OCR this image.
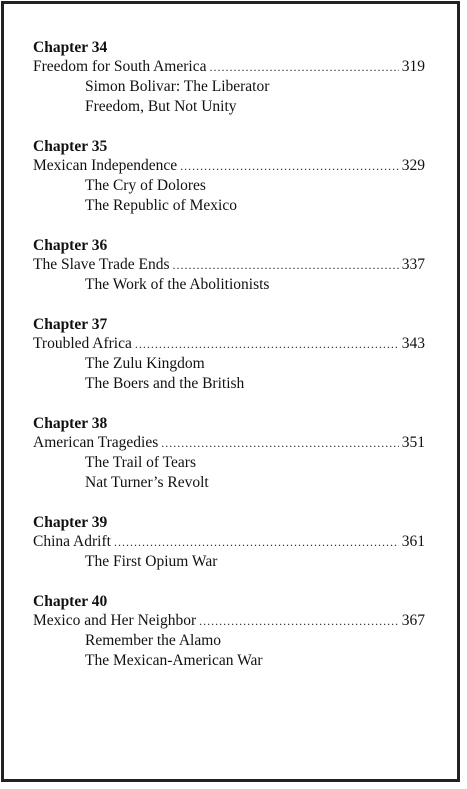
Chapter 34
Freedom for South America .....	319
Simon Bolivar: The Liberator
Freedom, But Not Unity
Chapter 35
Mexican Independence .....	329
The Cry of Dolores
The Republic of Mexico
Chapter 36
The Slave Trade Ends .....	337
The Work of the Abolitionists
Chapter 37
Troubled Africa .....	343
The Zulu Kingdom
The Boers and the British
Chapter 38
American Tragedies .....	351
The Trail of Tears
Nat Turner’s Revolt
Chapter 39
China Adrift .....	361
The First Opium War
Chapter 40
Mexico and Her Neighbor .....	367
Remember the Alamo
The Mexican-American War
